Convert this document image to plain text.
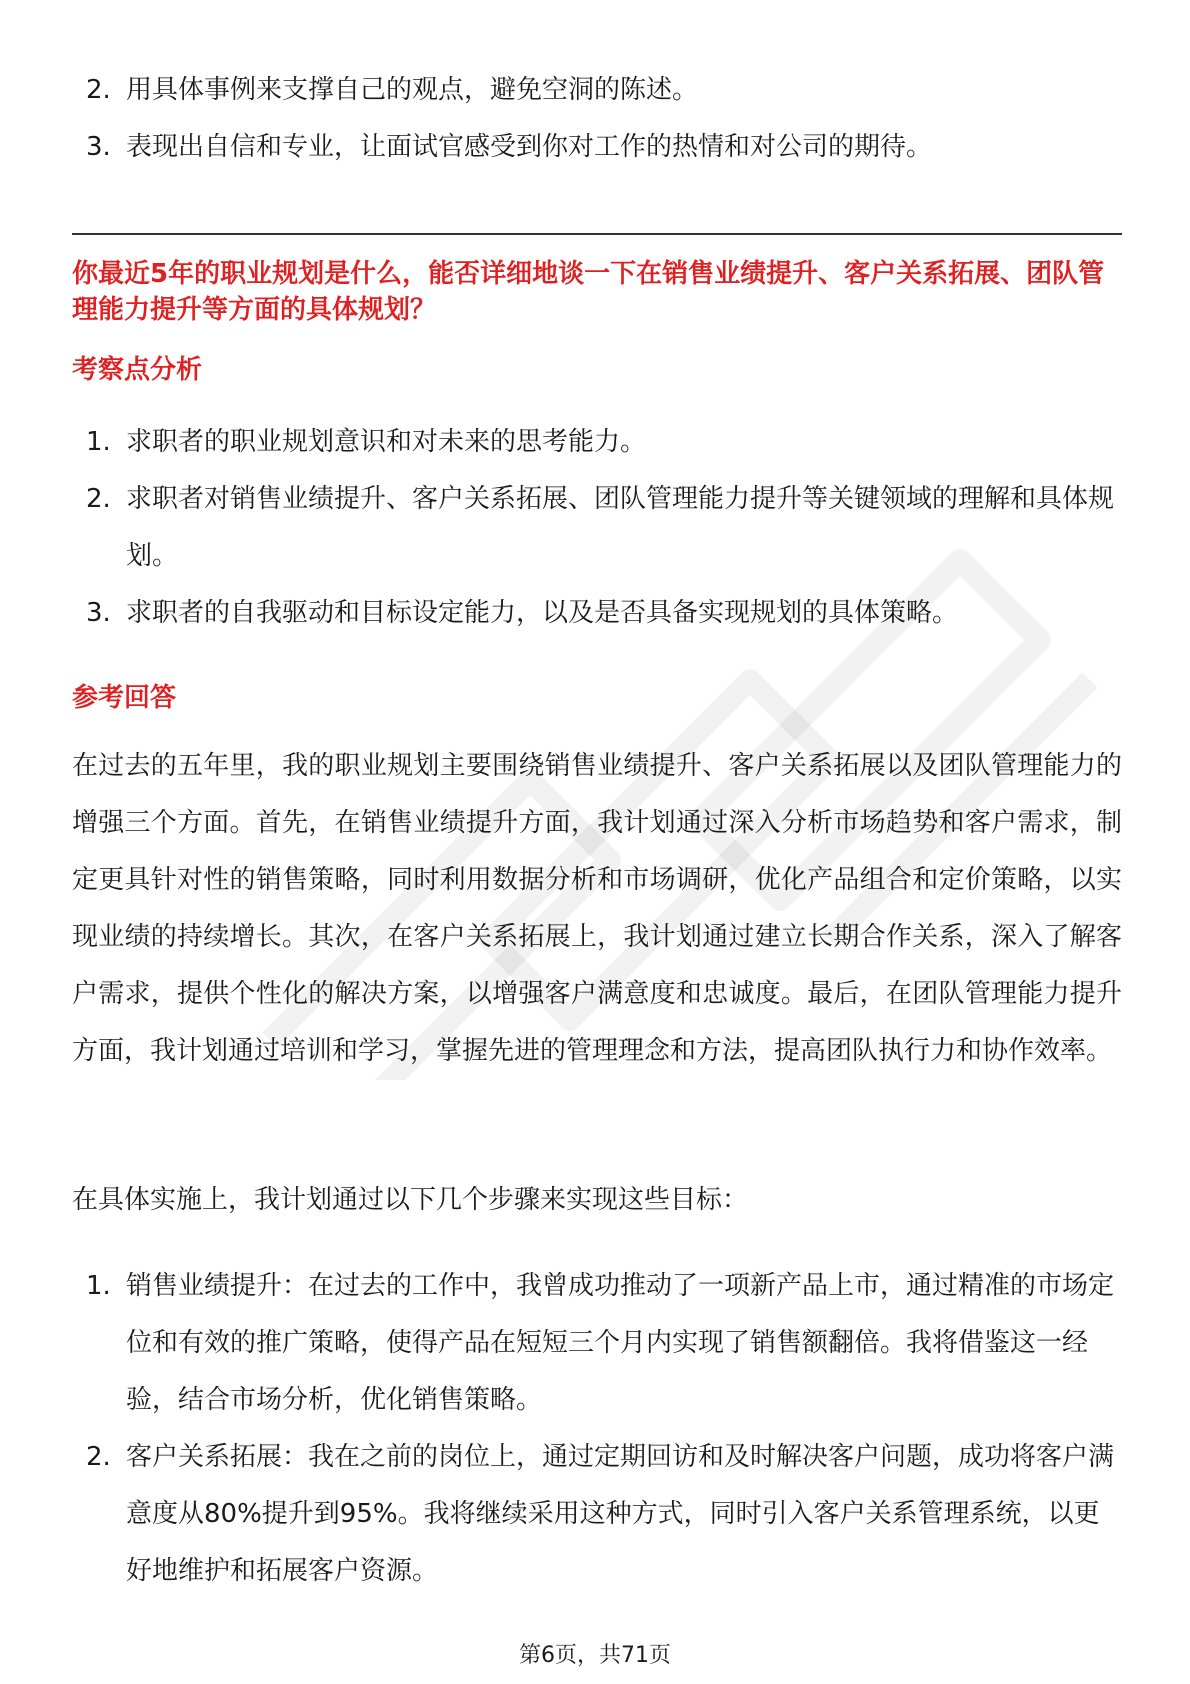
2. 用具体事例来支撑自己的观点，避免空洞的陈述。
3. 表现出自信和专业，让面试官感受到你对工作的热情和对公司的期待。

你最近5年的职业规划是什么，能否详细地谈一下在销售业绩提升、客户关系拓展、团队管理能力提升等方面的具体规划？

考察点分析

1. 求职者的职业规划意识和对未来的思考能力。
2. 求职者对销售业绩提升、客户关系拓展、团队管理能力提升等关键领域的理解和具体规划。
3. 求职者的自我驱动和目标设定能力，以及是否具备实现规划的具体策略。

参考回答

在过去的五年里，我的职业规划主要围绕销售业绩提升、客户关系拓展以及团队管理能力的增强三个方面。首先，在销售业绩提升方面，我计划通过深入分析市场趋势和客户需求，制定更具针对性的销售策略，同时利用数据分析和市场调研，优化产品组合和定价策略，以实现业绩的持续增长。其次，在客户关系拓展上，我计划通过建立长期合作关系，深入了解客户需求，提供个性化的解决方案，以增强客户满意度和忠诚度。最后，在团队管理能力提升方面，我计划通过培训和学习，掌握先进的管理理念和方法，提高团队执行力和协作效率。

在具体实施上，我计划通过以下几个步骤来实现这些目标：

1. 销售业绩提升：在过去的工作中，我曾成功推动了一项新产品上市，通过精准的市场定位和有效的推广策略，使得产品在短短三个月内实现了销售额翻倍。我将借鉴这一经验，结合市场分析，优化销售策略。
2. 客户关系拓展：我在之前的岗位上，通过定期回访和及时解决客户问题，成功将客户满意度从80%提升到95%。我将继续采用这种方式，同时引入客户关系管理系统，以更好地维护和拓展客户资源。
第6页，共71页
